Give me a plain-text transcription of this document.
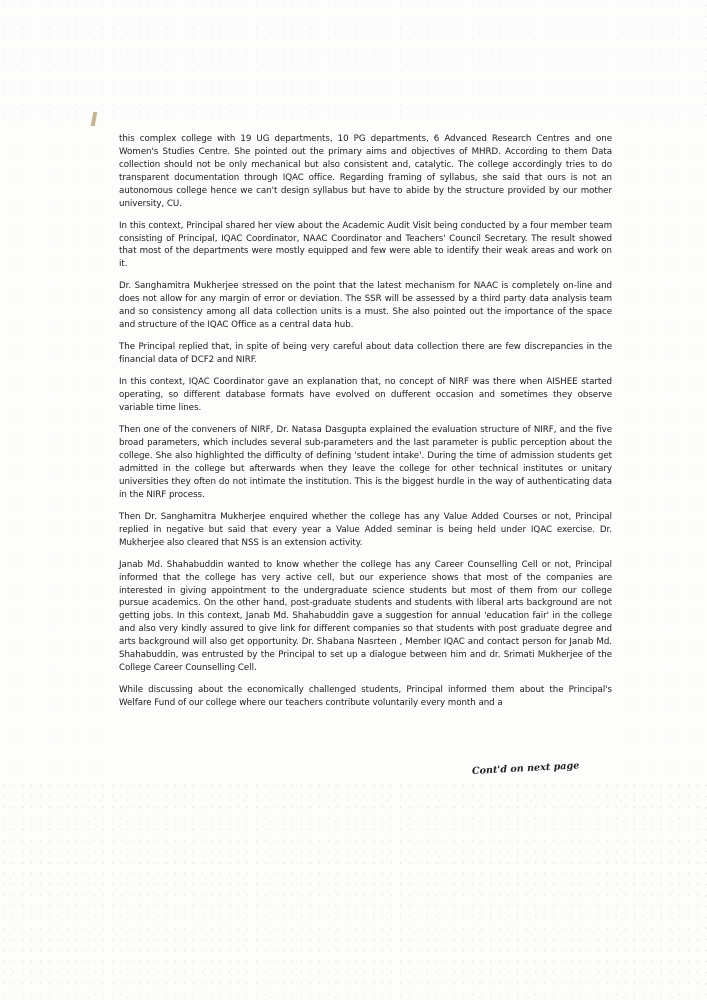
this complex college with 19 UG departments, 10 PG departments, 6 Advanced Research Centres and one Women's Studies Centre. She pointed out the primary aims and objectives of MHRD. According to them Data collection should not be only mechanical but also consistent and, catalytic. The college accordingly tries to do transparent documentation through IQAC office. Regarding framing of syllabus, she said that ours is not an autonomous college hence we can't design syllabus but have to abide by the structure provided by our mother university, CU.

In this context, Principal shared her view about the Academic Audit Visit being conducted by a four member team consisting of Principal, IQAC Coordinator, NAAC Coordinator and Teachers' Council Secretary. The result showed that most of the departments were mostly equipped and few were able to identify their weak areas and work on it.

Dr. Sanghamitra Mukherjee stressed on the point that the latest mechanism for NAAC is completely on-line and does not allow for any margin of error or deviation. The SSR will be assessed by a third party data analysis team and so consistency among all data collection units is a must. She also pointed out the importance of the space and structure of the IQAC Office as a central data hub.

The Principal replied that, in spite of being very careful about data collection there are few discrepancies in the financial data of DCF2 and NIRF.

In this context, IQAC Coordinator gave an explanation that, no concept of NIRF was there when AISHEE started operating, so different database formats have evolved on dufferent occasion and sometimes they observe variable time lines.

Then one of the conveners of NIRF, Dr. Natasa Dasgupta explained the evaluation structure of NIRF, and the five broad parameters, which includes several sub-parameters and the last parameter is public perception about the college. She also highlighted the difficulty of defining 'student intake'. During the time of admission students get admitted in the college but afterwards when they leave the college for other technical institutes or unitary universities they often do not intimate the institution. This is the biggest hurdle in the way of authenticating data in the NIRF process.

Then Dr. Sanghamitra Mukherjee enquired whether the college has any Value Added Courses or not, Principal replied in negative but said that every year a Value Added seminar is being held under IQAC exercise. Dr. Mukherjee also cleared that NSS is an extension activity.

Janab Md. Shahabuddin wanted to know whether the college has any Career Counselling Cell or not, Principal informed that the college has very active cell, but our experience shows that most of the companies are interested in giving appointment to the undergraduate science students but most of them from our college pursue academics. On the other hand, post-graduate students and students with liberal arts background are not getting jobs. In this context, Janab Md. Shahabuddin gave a suggestion for annual 'education fair' in the college and also very kindly assured to give link for different companies so that students with post graduate degree and arts background will also get opportunity. Dr. Shabana Nasrteen , Member IQAC and contact person for Janab Md. Shahabuddin, was entrusted by the Principal to set up a dialogue between him and dr. Srimati Mukherjee of the College Career Counselling Cell.

While discussing about the economically challenged students, Principal informed them about the Principal's Welfare Fund of our college where our teachers contribute voluntarily every month and a

Cont'd on next page
